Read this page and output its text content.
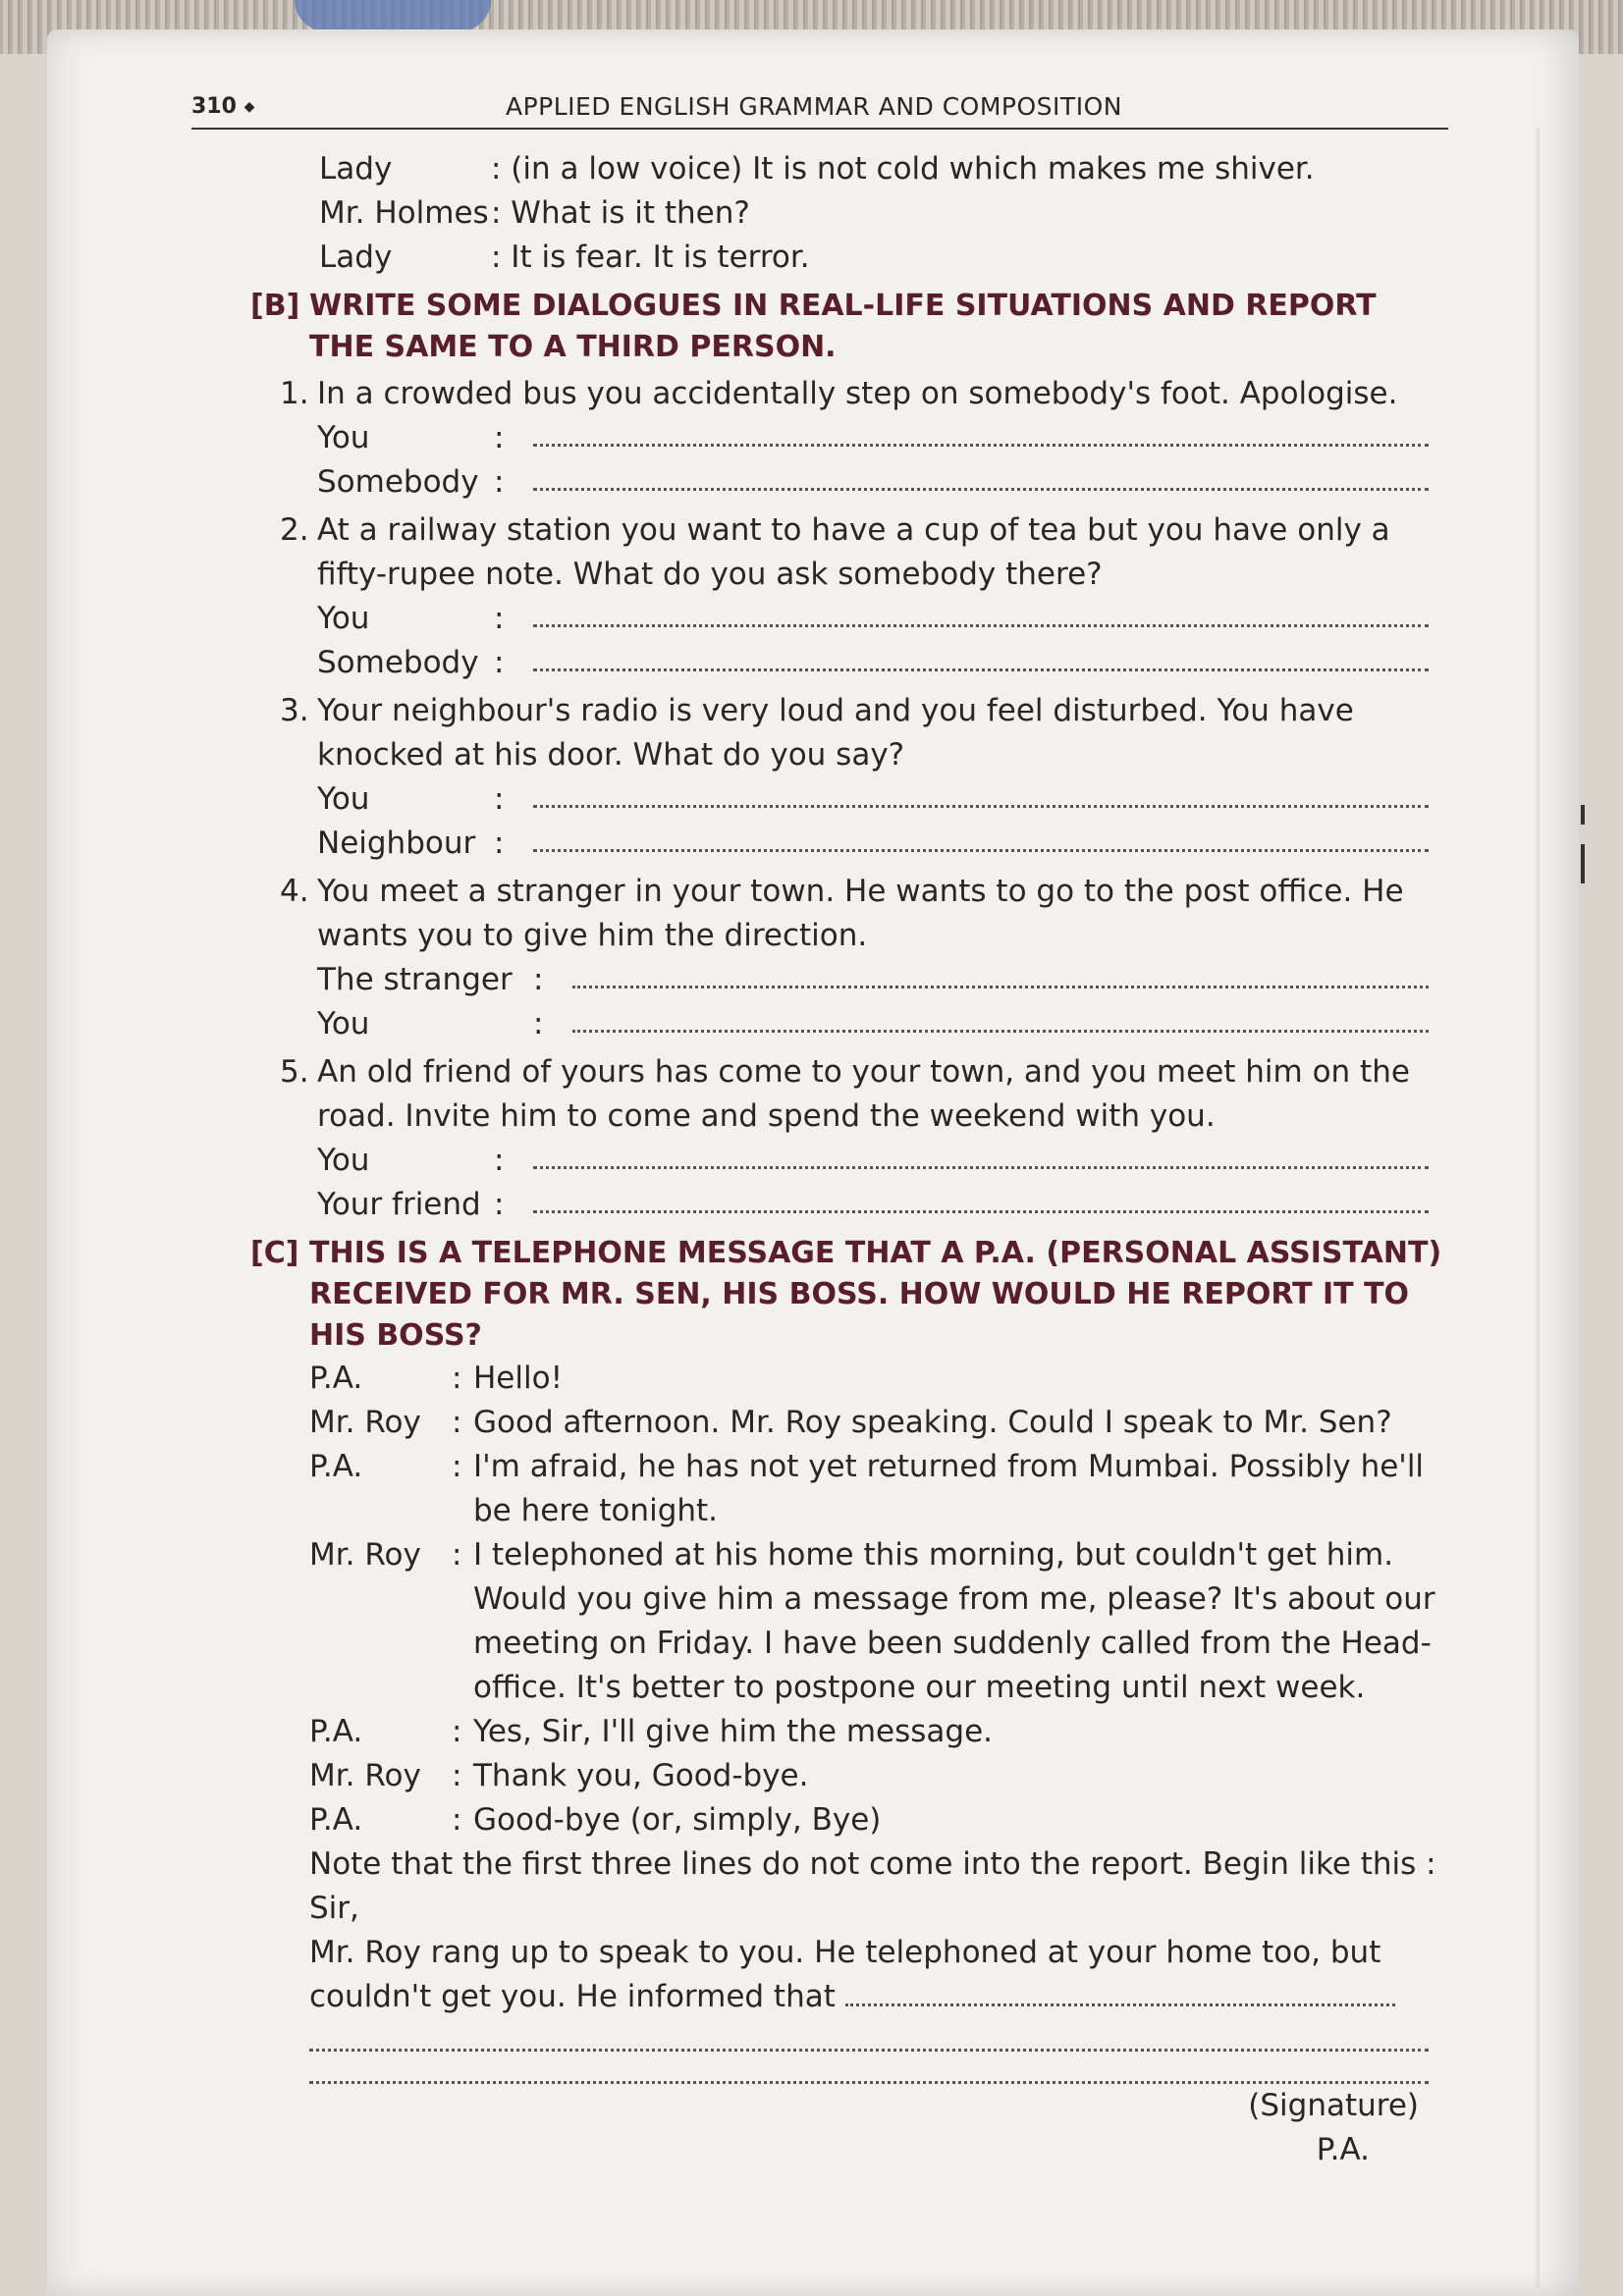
310 ◆	APPLIED ENGLISH GRAMMAR AND COMPOSITION
Lady	: (in a low voice) It is not cold which makes me shiver.
Mr. Holmes : What is it then?
Lady	: It is fear. It is terror.
[B] WRITE SOME DIALOGUES IN REAL-LIFE SITUATIONS AND REPORT THE SAME TO A THIRD PERSON.
1. In a crowded bus you accidentally step on somebody's foot. Apologise.
You	:
Somebody :
2. At a railway station you want to have a cup of tea but you have only a fifty-rupee note. What do you ask somebody there?
You	:
Somebody :
3. Your neighbour's radio is very loud and you feel disturbed. You have knocked at his door. What do you say?
You	:
Neighbour :
4. You meet a stranger in your town. He wants to go to the post office. He wants you to give him the direction.
The stranger :
You	:
5. An old friend of yours has come to your town, and you meet him on the road. Invite him to come and spend the weekend with you.
You	:
Your friend :
[C] THIS IS A TELEPHONE MESSAGE THAT A P.A. (PERSONAL ASSISTANT) RECEIVED FOR MR. SEN, HIS BOSS. HOW WOULD HE REPORT IT TO HIS BOSS?
P.A.	: Hello!
Mr. Roy	: Good afternoon. Mr. Roy speaking. Could I speak to Mr. Sen?
P.A.	: I'm afraid, he has not yet returned from Mumbai. Possibly he'll be here tonight.
Mr. Roy	: I telephoned at his home this morning, but couldn't get him. Would you give him a message from me, please? It's about our meeting on Friday. I have been suddenly called from the Head-office. It's better to postpone our meeting until next week.
P.A.	: Yes, Sir, I'll give him the message.
Mr. Roy	: Thank you, Good-bye.
P.A.	: Good-bye (or, simply, Bye)
Note that the first three lines do not come into the report. Begin like this :
Sir,
Mr. Roy rang up to speak to you. He telephoned at your home too, but couldn't get you. He informed that
(Signature)
P.A.
